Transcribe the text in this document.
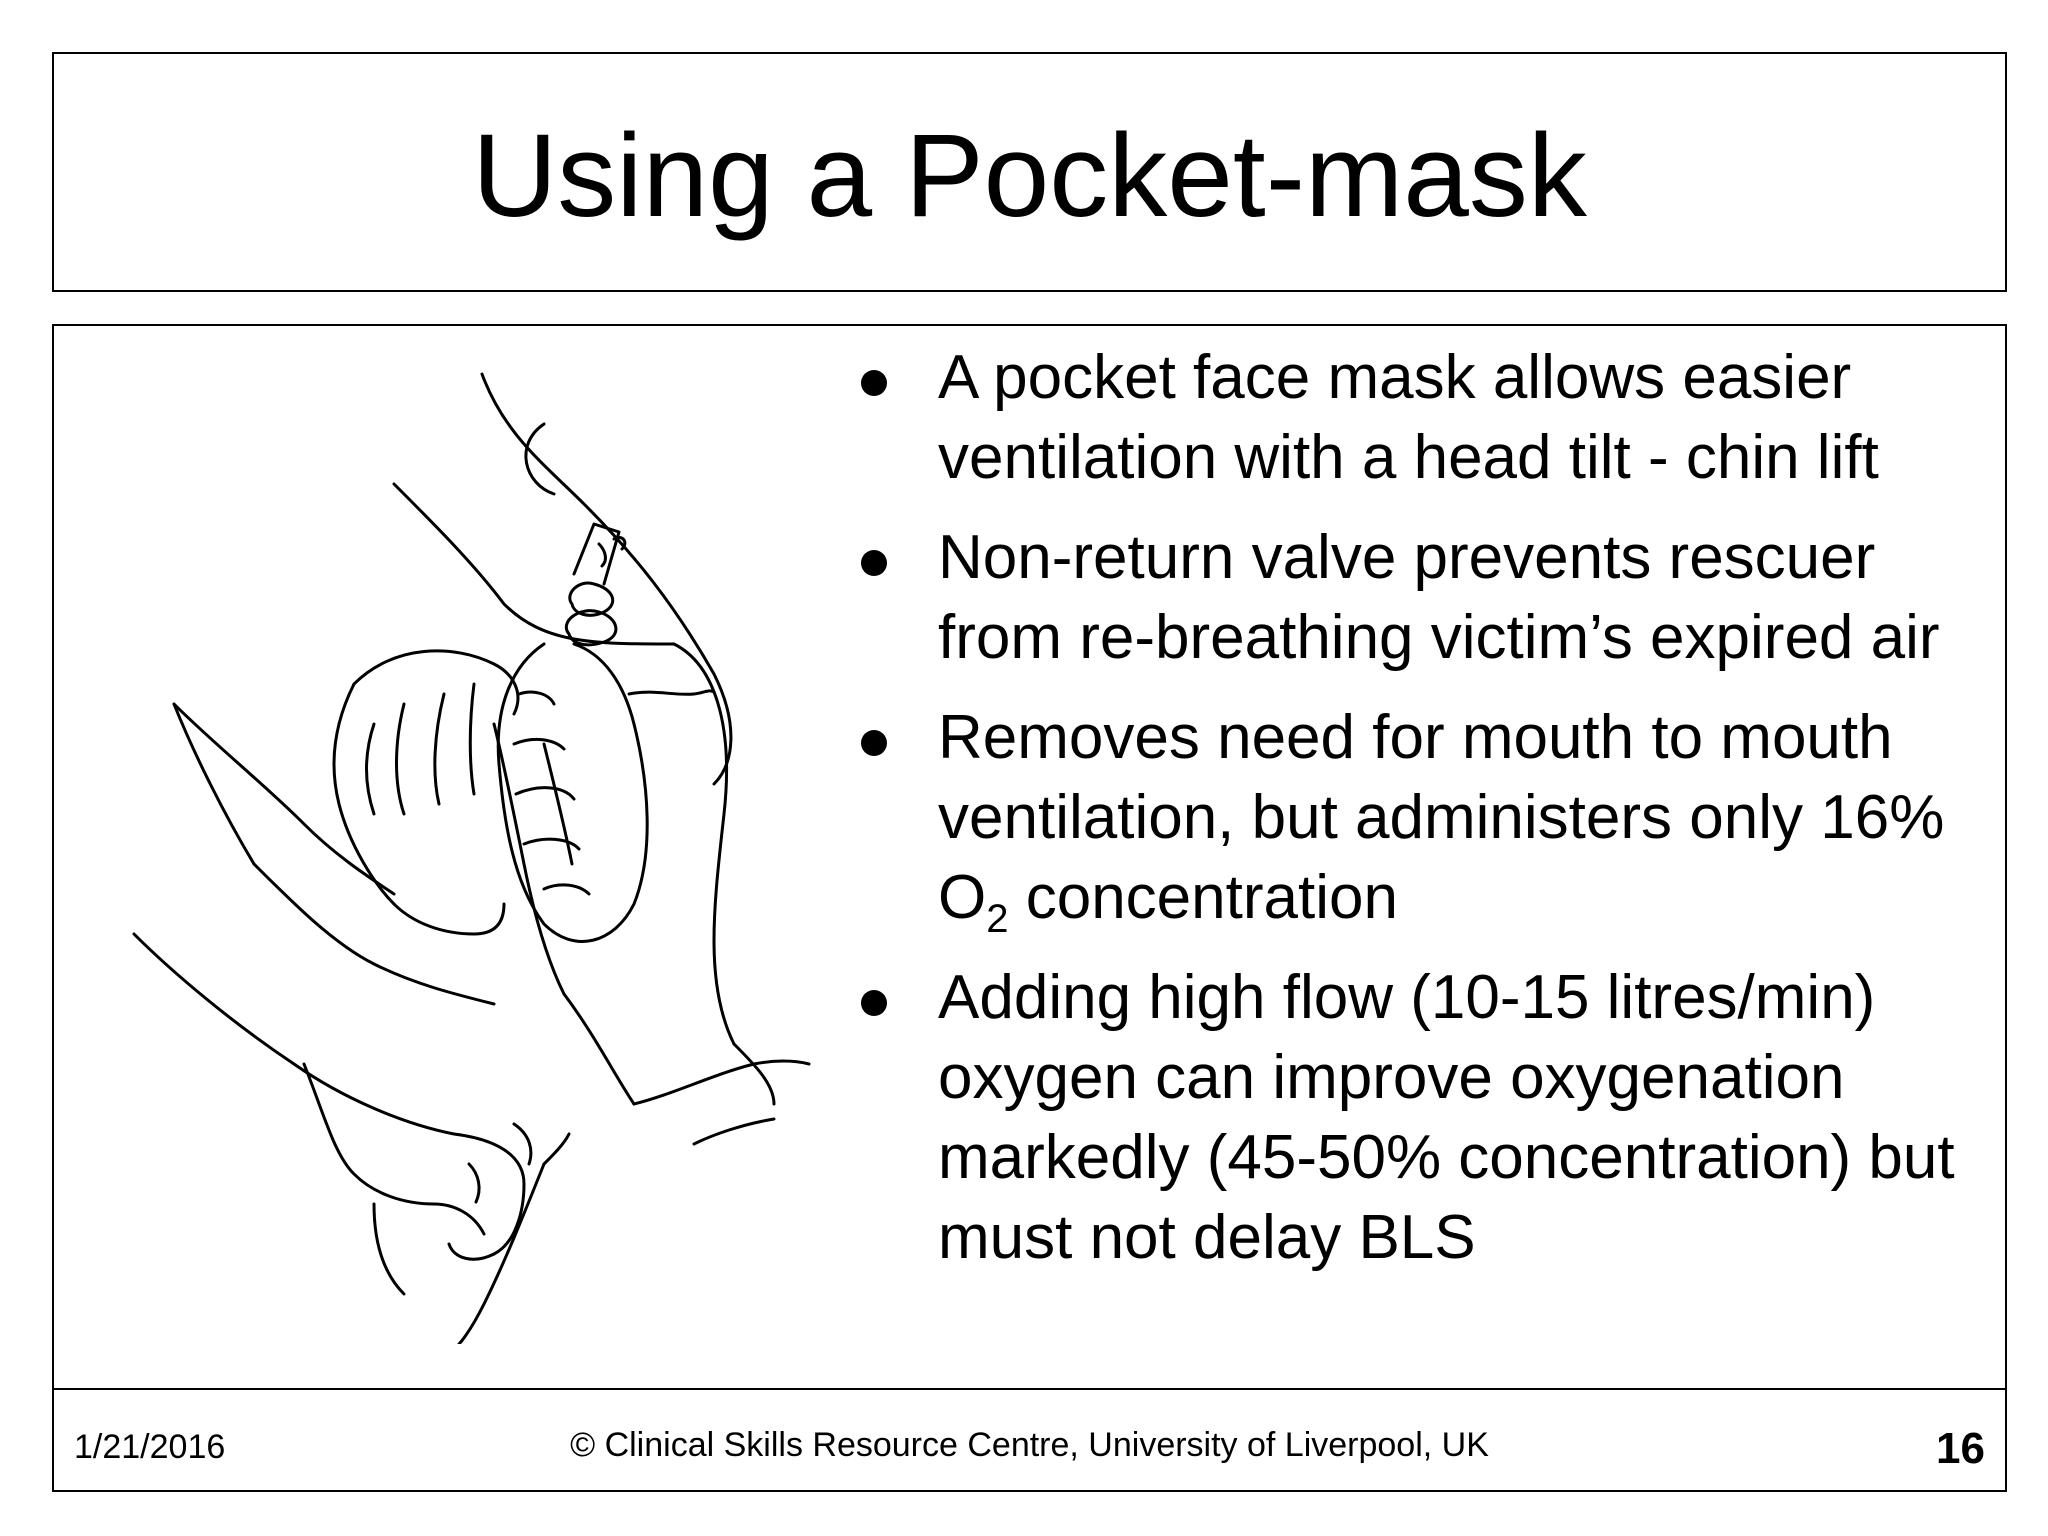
Using a Pocket-mask
A pocket face mask allows easier ventilation with a head tilt - chin lift
Non-return valve prevents rescuer from re-breathing victim’s expired air
Removes need for mouth to mouth ventilation, but administers only 16% $O_2$ concentration
Adding high flow (10-15 litres/min) oxygen can improve oxygenation markedly (45-50% concentration) but must not delay BLS
1/21/2016	© Clinical Skills Resource Centre, University of Liverpool, UK	16
